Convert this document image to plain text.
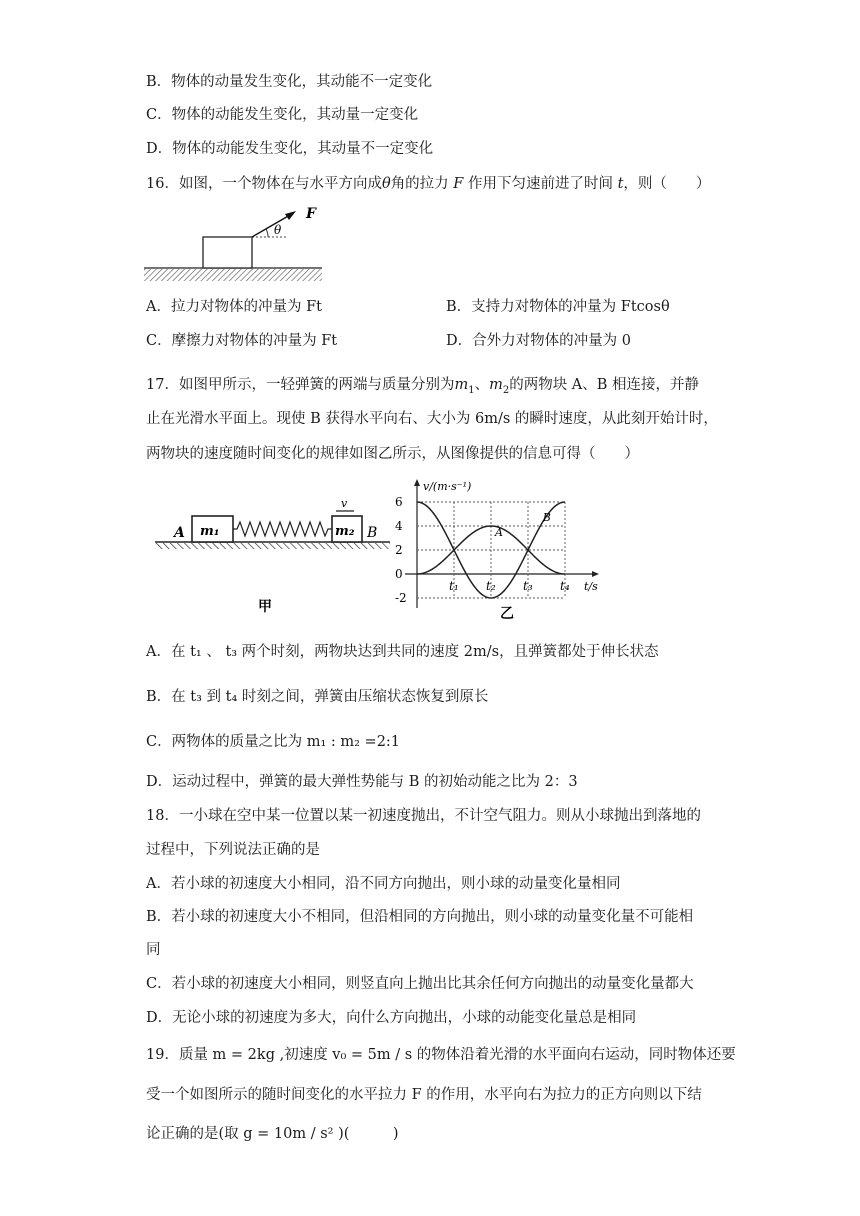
B．物体的动量发生变化，其动能不一定变化
C．物体的动能发生变化，其动量一定变化
D．物体的动能发生变化，其动量不一定变化
16．如图，一个物体在与水平方向成θ角的拉力 F 作用下匀速前进了时间 t，则（　　）
θ
F
A．拉力对物体的冲量为 Ft	B．支持力对物体的冲量为 Ftcosθ
C．摩擦力对物体的冲量为 Ft	D．合外力对物体的冲量为 0
17．如图甲所示，一轻弹簧的两端与质量分别为$m_1$、$m_2$的两物块 A、B 相连接，并静
止在光滑水平面上。现使 B 获得水平向右、大小为 6m/s 的瞬时速度，从此刻开始计时，
两物块的速度随时间变化的规律如图乙所示，从图像提供的信息可得（　　）
m₁	m₂
A	B
v
甲
v/(m·s⁻¹)
t/s
乙
6
4
2
0
-2
t₁ t₂ t₃ t₄
A
B
A．在 t₁ 、 t₃ 两个时刻，两物块达到共同的速度 2m/s，且弹簧都处于伸长状态
B．在 t₃ 到 t₄ 时刻之间，弹簧由压缩状态恢复到原长
C．两物体的质量之比为 m₁ : m₂ =2:1
D．运动过程中，弹簧的最大弹性势能与 B 的初始动能之比为 2：3
18．一小球在空中某一位置以某一初速度抛出，不计空气阻力。则从小球抛出到落地的
过程中，下列说法正确的是
A．若小球的初速度大小相同，沿不同方向抛出，则小球的动量变化量相同
B．若小球的初速度大小不相同，但沿相同的方向抛出，则小球的动量变化量不可能相
同
C．若小球的初速度大小相同，则竖直向上抛出比其余任何方向抛出的动量变化量都大
D．无论小球的初速度为多大，向什么方向抛出，小球的动能变化量总是相同
19．质量 m = 2kg ,初速度 v₀ = 5m / s 的物体沿着光滑的水平面向右运动，同时物体还要
受一个如图所示的随时间变化的水平拉力 F 的作用，水平向右为拉力的正方向则以下结
论正确的是(取 g = 10m / s² )(　　　)
